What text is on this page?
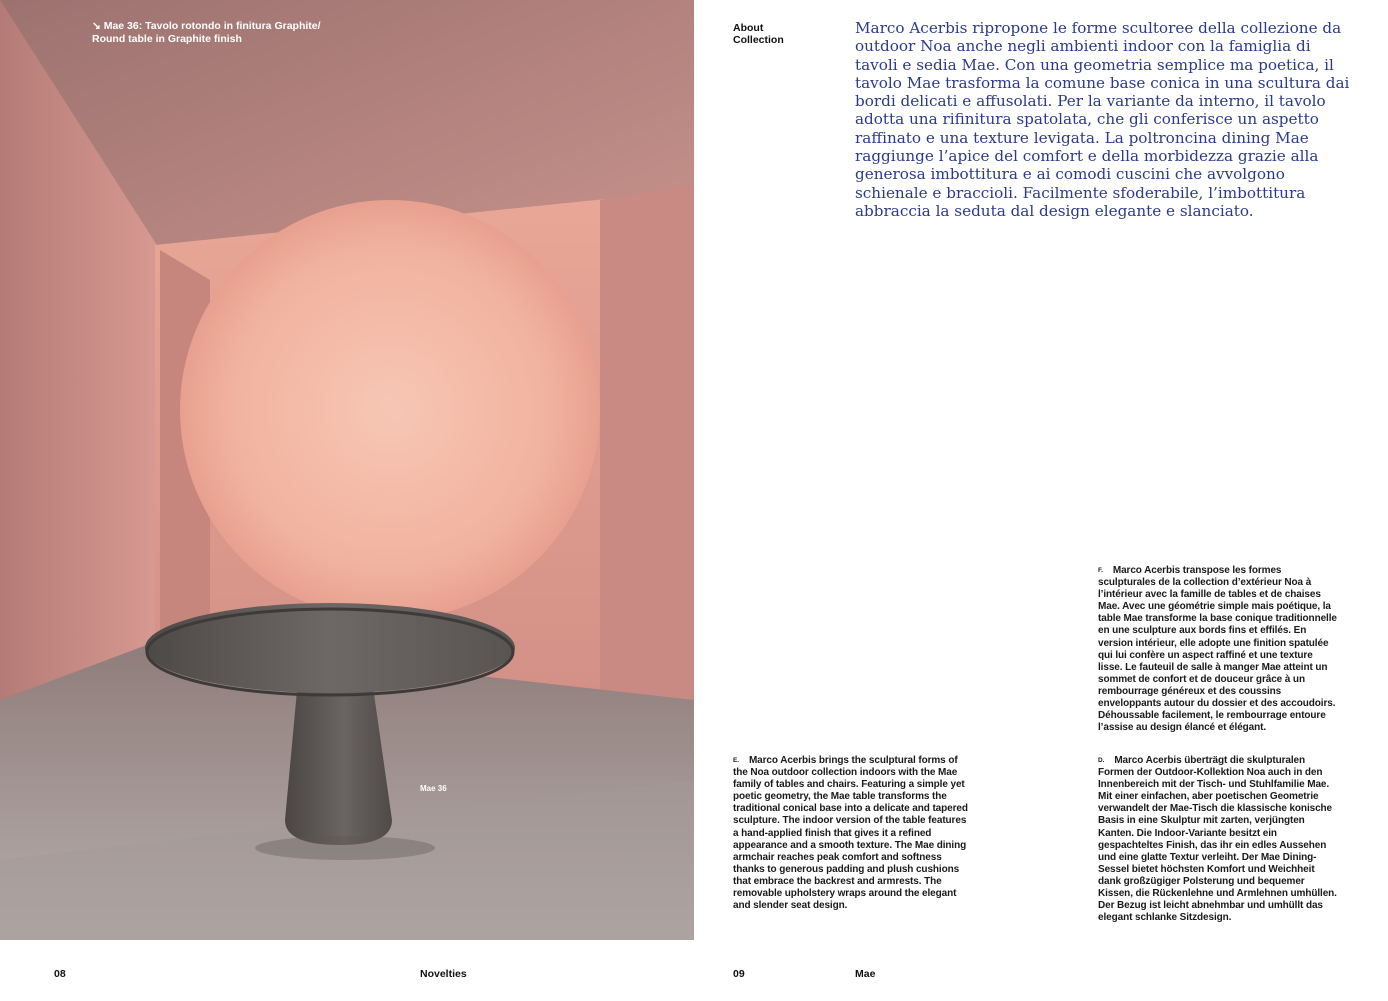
↘ Mae 36: Tavolo rotondo in finitura Graphite/ Round table in Graphite finish
Mae 36
About
Collection

Marco Acerbis ripropone le forme scultoree della collezione da outdoor Noa anche negli ambienti indoor con la famiglia di tavoli e sedia Mae. Con una geometria semplice ma poetica, il tavolo Mae trasforma la comune base conica in una scultura dai bordi delicati e affusolati. Per la variante da interno, il tavolo adotta una rifinitura spatolata, che gli conferisce un aspetto raffinato e una texture levigata. La poltroncina dining Mae raggiunge l’apice del comfort e della morbidezza grazie alla generosa imbottitura e ai comodi cuscini che avvolgono schienale e braccioli. Facilmente sfoderabile, l’imbottitura abbraccia la seduta dal design elegante e slanciato.

$^{F.}$ Marco Acerbis transpose les formes sculpturales de la collection d’extérieur Noa à l’intérieur avec la famille de tables et de chaises Mae. Avec une géométrie simple mais poétique, la table Mae transforme la base conique traditionnelle en une sculpture aux bords fins et effilés. En version intérieur, elle adopte une finition spatulée qui lui confère un aspect raffiné et une texture lisse. Le fauteuil de salle à manger Mae atteint un sommet de confort et de douceur grâce à un rembourrage généreux et des coussins enveloppants autour du dossier et des accoudoirs. Déhoussable facilement, le rembourrage entoure l’assise au design élancé et élégant.

$^{E.}$ Marco Acerbis brings the sculptural forms of the Noa outdoor collection indoors with the Mae family of tables and chairs. Featuring a simple yet poetic geometry, the Mae table transforms the traditional conical base into a delicate and tapered sculpture. The indoor version of the table features a hand-applied finish that gives it a refined appearance and a smooth texture. The Mae dining armchair reaches peak comfort and softness thanks to generous padding and plush cushions that embrace the backrest and armrests. The removable upholstery wraps around the elegant and slender seat design.

$^{D.}$ Marco Acerbis überträgt die skulpturalen Formen der Outdoor-Kollektion Noa auch in den Innenbereich mit der Tisch- und Stuhlfamilie Mae. Mit einer einfachen, aber poetischen Geometrie verwandelt der Mae-Tisch die klassische konische Basis in eine Skulptur mit zarten, verjüngten Kanten. Die Indoor-Variante besitzt ein gespachteltes Finish, das ihr ein edles Aussehen und eine glatte Textur verleiht. Der Mae Dining-Sessel bietet höchsten Komfort und Weichheit dank großzügiger Polsterung und bequemer Kissen, die Rückenlehne und Armlehnen umhüllen. Der Bezug ist leicht abnehmbar und umhüllt das elegant schlanke Sitzdesign.

08	Novelties	09	Mae
